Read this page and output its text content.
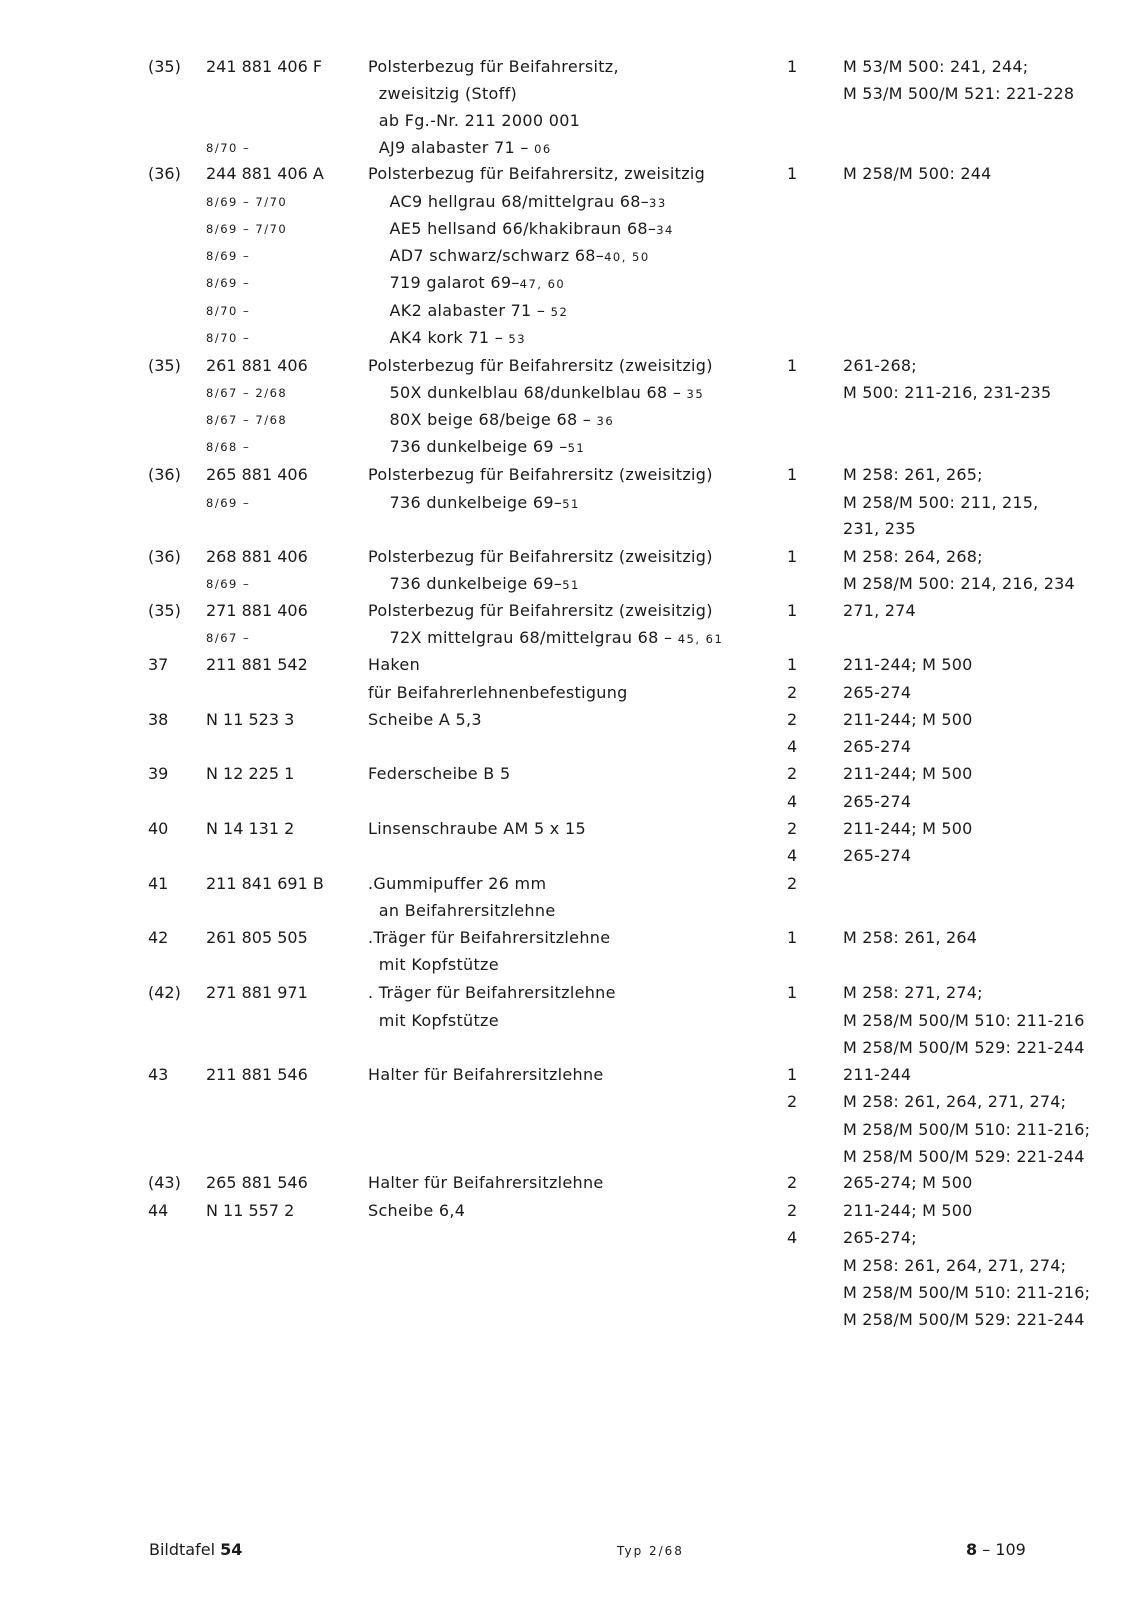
(35) 241 881 406 F	Polsterbezug für Beifahrersitz,	1	M 53/M 500: 241, 244;
zweisitzig (Stoff)	M 53/M 500/M 521: 221-228
ab Fg.-Nr. 211 2000 001
8/70 –	AJ9 alabaster 71 – 06
(36) 244 881 406 A	Polsterbezug für Beifahrersitz, zweisitzig	1	M 258/M 500: 244
8/69 – 7/70	AC9 hellgrau 68/mittelgrau 68–33
8/69 – 7/70	AE5 hellsand 66/khakibraun 68–34
8/69 –	AD7 schwarz/schwarz 68–40, 50
8/69 –	719 galarot 69–47, 60
8/70 –	AK2 alabaster 71 – 52
8/70 –	AK4 kork 71 – 53
(35) 261 881 406	Polsterbezug für Beifahrersitz (zweisitzig)	1	261-268;
8/67 – 2/68	50X dunkelblau 68/dunkelblau 68 – 35	M 500: 211-216, 231-235
8/67 – 7/68	80X beige 68/beige 68 – 36
8/68 –	736 dunkelbeige 69 –51
(36) 265 881 406	Polsterbezug für Beifahrersitz (zweisitzig)	1	M 258: 261, 265;
8/69 –	736 dunkelbeige 69–51	M 258/M 500: 211, 215,
231, 235
(36) 268 881 406	Polsterbezug für Beifahrersitz (zweisitzig)	1	M 258: 264, 268;
8/69 –	736 dunkelbeige 69–51	M 258/M 500: 214, 216, 234
(35) 271 881 406	Polsterbezug für Beifahrersitz (zweisitzig)	1	271, 274
8/67 –	72X mittelgrau 68/mittelgrau 68 – 45, 61
37 211 881 542	Haken	1	211-244; M 500
für Beifahrerlehnenbefestigung	2	265-274
38 N 11 523 3	Scheibe A 5,3	2	211-244; M 500
4	265-274
39 N 12 225 1	Federscheibe B 5	2	211-244; M 500
4	265-274
40 N 14 131 2	Linsenschraube AM 5 x 15	2	211-244; M 500
4	265-274
41 211 841 691 B	.Gummipuffer 26 mm	2
an Beifahrersitzlehne
42 261 805 505	.Träger für Beifahrersitzlehne	1	M 258: 261, 264
mit Kopfstütze
(42) 271 881 971	. Träger für Beifahrersitzlehne	1	M 258: 271, 274;
mit Kopfstütze	M 258/M 500/M 510: 211-216
M 258/M 500/M 529: 221-244
43 211 881 546	Halter für Beifahrersitzlehne	1	211-244
2	M 258: 261, 264, 271, 274;
M 258/M 500/M 510: 211-216;
M 258/M 500/M 529: 221-244
(43) 265 881 546	Halter für Beifahrersitzlehne	2	265-274; M 500
44 N 11 557 2	Scheibe 6,4	2	211-244; M 500
4	265-274;
M 258: 261, 264, 271, 274;
M 258/M 500/M 510: 211-216;
M 258/M 500/M 529: 221-244
Bildtafel 54	Typ 2/68	8 – 109
